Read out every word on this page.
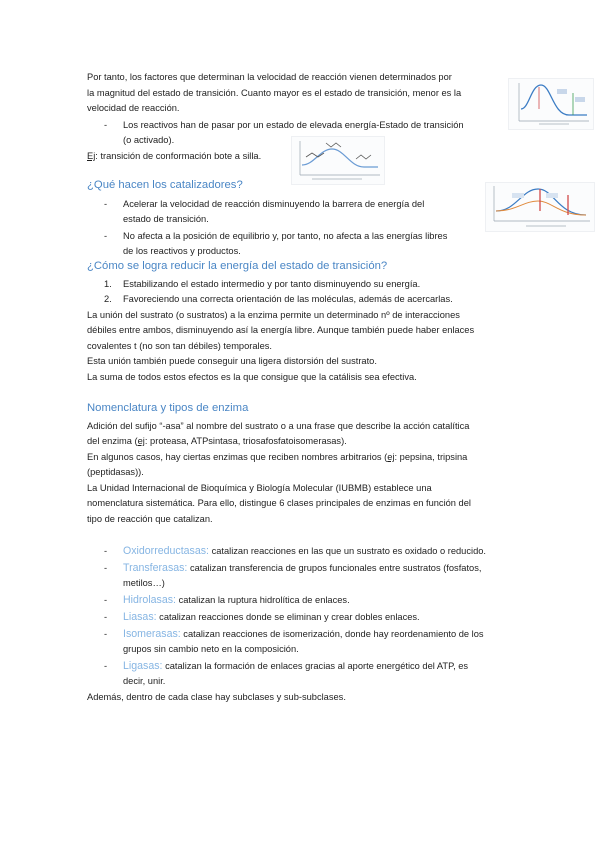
Por tanto, los factores que determinan la velocidad de reacción vienen determinados por

la magnitud del estado de transición. Cuanto mayor es el estado de transición, menor es la

velocidad de reacción.

- Los reactivos han de pasar por un estado de elevada energía-Estado de transición
(o activado).

Ej: transición de conformación bote a silla.

¿Qué hacen los catalizadores?

- Acelerar la velocidad de reacción disminuyendo la barrera de energía del
estado de transición.
- No afecta a la posición de equilibrio y, por tanto, no afecta a las energías libres
de los reactivos y productos.

¿Cómo se logra reducir la energía del estado de transición?

1. Estabilizando el estado intermedio y por tanto disminuyendo su energía.
2. Favoreciendo una correcta orientación de las moléculas, además de acercarlas.

La unión del sustrato (o sustratos) a la enzima permite un determinado nº de interacciones

débiles entre ambos, disminuyendo así la energía libre. Aunque también puede haber enlaces

covalentes t (no son tan débiles) temporales.

Esta unión también puede conseguir una ligera distorsión del sustrato.

La suma de todos estos efectos es la que consigue que la catálisis sea efectiva.

Nomenclatura y tipos de enzima

Adición del sufijo “-asa” al nombre del sustrato o a una frase que describe la acción catalítica

del enzima (ej: proteasa, ATPsintasa, triosafosfatoisomerasas).

En algunos casos, hay ciertas enzimas que reciben nombres arbitrarios (ej: pepsina, tripsina

(peptidasas)).

La Unidad Internacional de Bioquímica y Biología Molecular (IUBMB) establece una

nomenclatura sistemática. Para ello, distingue 6 clases principales de enzimas en función del

tipo de reacción que catalizan.

- Oxidorreductasas: catalizan reacciones en las que un sustrato es oxidado o reducido.
- Transferasas: catalizan transferencia de grupos funcionales entre sustratos (fosfatos,
metilos…)
- Hidrolasas: catalizan la ruptura hidrolítica de enlaces.
- Liasas: catalizan reacciones donde se eliminan y crear dobles enlaces.
- Isomerasas: catalizan reacciones de isomerización, donde hay reordenamiento de los
grupos sin cambio neto en la composición.
- Ligasas: catalizan la formación de enlaces gracias al aporte energético del ATP, es
decir, unir.

Además, dentro de cada clase hay subclases y sub-subclases.
